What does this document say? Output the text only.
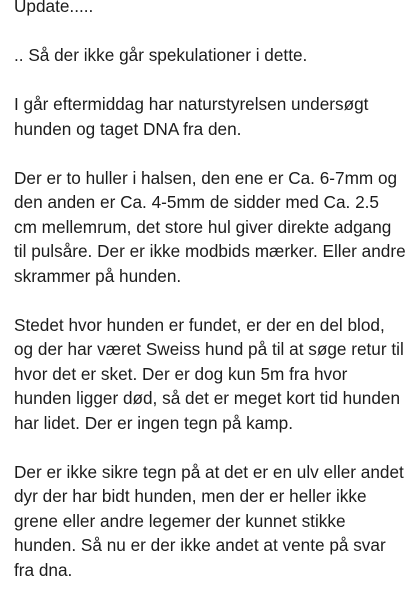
Update.....

.. Så der ikke går spekulationer i dette.

I går eftermiddag har naturstyrelsen undersøgt hunden og taget DNA fra den.

Der er to huller i halsen, den ene er Ca. 6-7mm og den anden er Ca. 4-5mm de sidder med Ca. 2.5 cm mellemrum, det store hul giver direkte adgang til pulsåre. Der er ikke modbids mærker. Eller andre skrammer på hunden.

Stedet hvor hunden er fundet, er der en del blod, og der har været Sweiss hund på til at søge retur til hvor det er sket. Der er dog kun 5m fra hvor hunden ligger død, så det er meget kort tid hunden har lidet. Der er ingen tegn på kamp.

Der er ikke sikre tegn på at det er en ulv eller andet dyr der har bidt hunden, men der er heller ikke grene eller andre legemer der kunnet stikke hunden. Så nu er der ikke andet at vente på svar fra dna.
